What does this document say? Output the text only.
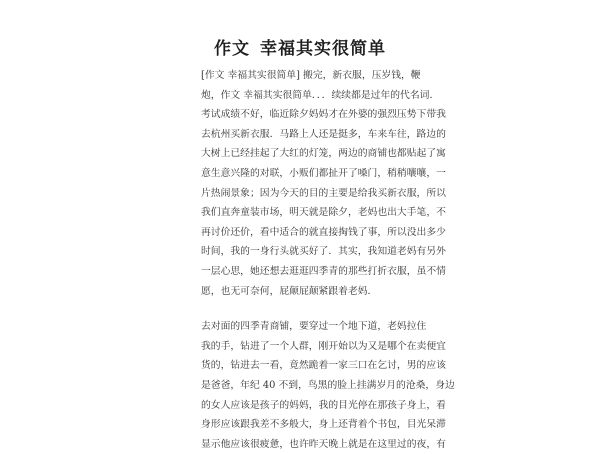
作文 幸福其实很简单
[作文 幸福其实很简单] 搬完，新衣服，压岁钱，鞭
炮，作文 幸福其实很简单．．．续续都是过年的代名词．
考试成绩不好，临近除夕妈妈才在外婆的强烈压势下带我
去杭州买新衣服．马路上人还是挺多，车来车往，路边的
大树上已经挂起了大红的灯笼，两边的商铺也都贴起了寓
意生意兴隆的对联，小贩们都扯开了嗓门，稍稍嚷嚷，一
片热闹景象；因为今天的目的主要是给我买新衣服，所以
我们直奔童装市场，明天就是除夕，老妈也出大手笔，不
再讨价还价，看中适合的就直接掏钱了事，所以没出多少
时间，我的一身行头就买好了．其实，我知道老妈有另外
一层心思，她还想去逛逛四季青的那些打折衣服，虽不情
愿，也无可奈何，屁颠屁颠紧跟着老妈．
去对面的四季青商铺，要穿过一个地下道，老妈拉住
我的手，钻进了一个人群，刚开始以为又是哪个在卖便宜
货的，钻进去一看，竟然跪着一家三口在乞讨，男的应该
是爸爸，年纪 40 不到，鸟黑的脸上挂满岁月的沧桑，身边
的女人应该是孩子的妈妈，我的目光停在那孩子身上，看
身形应该跟我差不多般大，身上还背着个书包，目光呆滞
显示他应该很疲惫，也许昨天晚上就是在这里过的夜，有
